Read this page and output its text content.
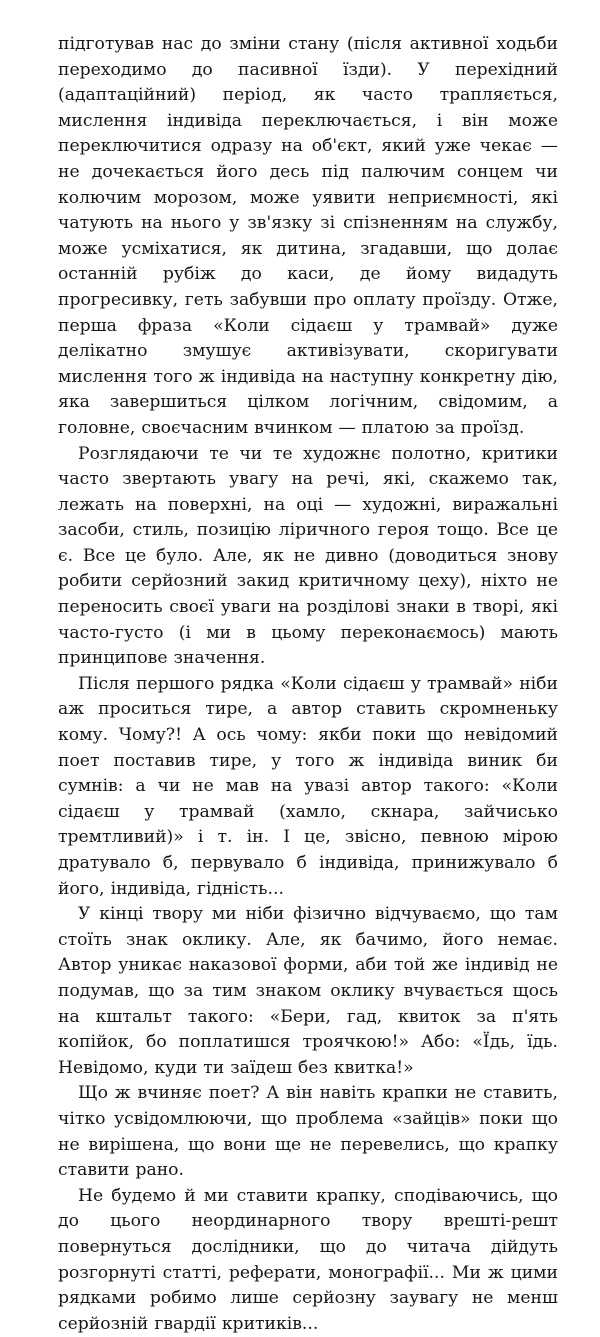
підготував нас до зміни стану (після активної ходьби переходимо до пасивної їзди). У перехідний (адаптаційний) період, як часто трапляється, мислення індивіда переключається, і він може переключитися одразу на об'єкт, який уже чекає — не дочекається його десь під палючим сонцем чи колючим морозом, може уявити неприємності, які чатують на нього у зв'язку зі спізненням на службу, може усміхатися, як дитина, згадавши, що долає останній рубіж до каси, де йому видадуть прогресивку, геть забувши про оплату проїзду. Отже, перша фраза «Коли сідаєш у трамвай» дуже делікатно змушує активізувати, скоригувати мислення того ж індивіда на наступну конкретну дію, яка завершиться цілком логічним, свідомим, а головне, своєчасним вчинком — платою за проїзд.

Розглядаючи те чи те художнє полотно, критики часто звертають увагу на речі, які, скажемо так, лежать на поверхні, на оці — художні, виражальні засоби, стиль, позицію ліричного героя тощо. Все це є. Все це було. Але, як не дивно (доводиться знову робити серйозний закид критичному цеху), ніхто не переносить своєї уваги на розділові знаки в творі, які часто-густо (і ми в цьому переконаємось) мають принципове значення.

Після першого рядка «Коли сідаєш у трамвай» ніби аж проситься тире, а автор ставить скромненьку кому. Чому?! А ось чому: якби поки що невідомий поет поставив тире, у того ж індивіда виник би сумнів: а чи не мав на увазі автор такого: «Коли сідаєш у трамвай (хамло, скнара, зайчисько тремтливий)» і т. ін. І це, звісно, певною мірою дратувало б, первувало б індивіда, принижувало б його, індивіда, гідність...

У кінці твору ми ніби фізично відчуваємо, що там стоїть знак оклику. Але, як бачимо, його немає. Автор уникає наказової форми, аби той же індивід не подумав, що за тим знаком оклику вчувається щось на кштальт такого: «Бери, гад, квиток за п'ять копійок, бо поплатишся троячкою!» Або: «Їдь, їдь. Невідомо, куди ти заїдеш без квитка!»

Що ж вчиняє поет? А він навіть крапки не ставить, чітко усвідомлюючи, що проблема «зайців» поки що не вирішена, що вони ще не перевелись, що крапку ставити рано.

Не будемо й ми ставити крапку, сподіваючись, що до цього неординарного твору врешті-решт повернуться дослідники, що до читача дійдуть розгорнуті статті, реферати, монографії... Ми ж цими рядками робимо лише серйозну заувагу не менш серйозній гвардії критиків...
